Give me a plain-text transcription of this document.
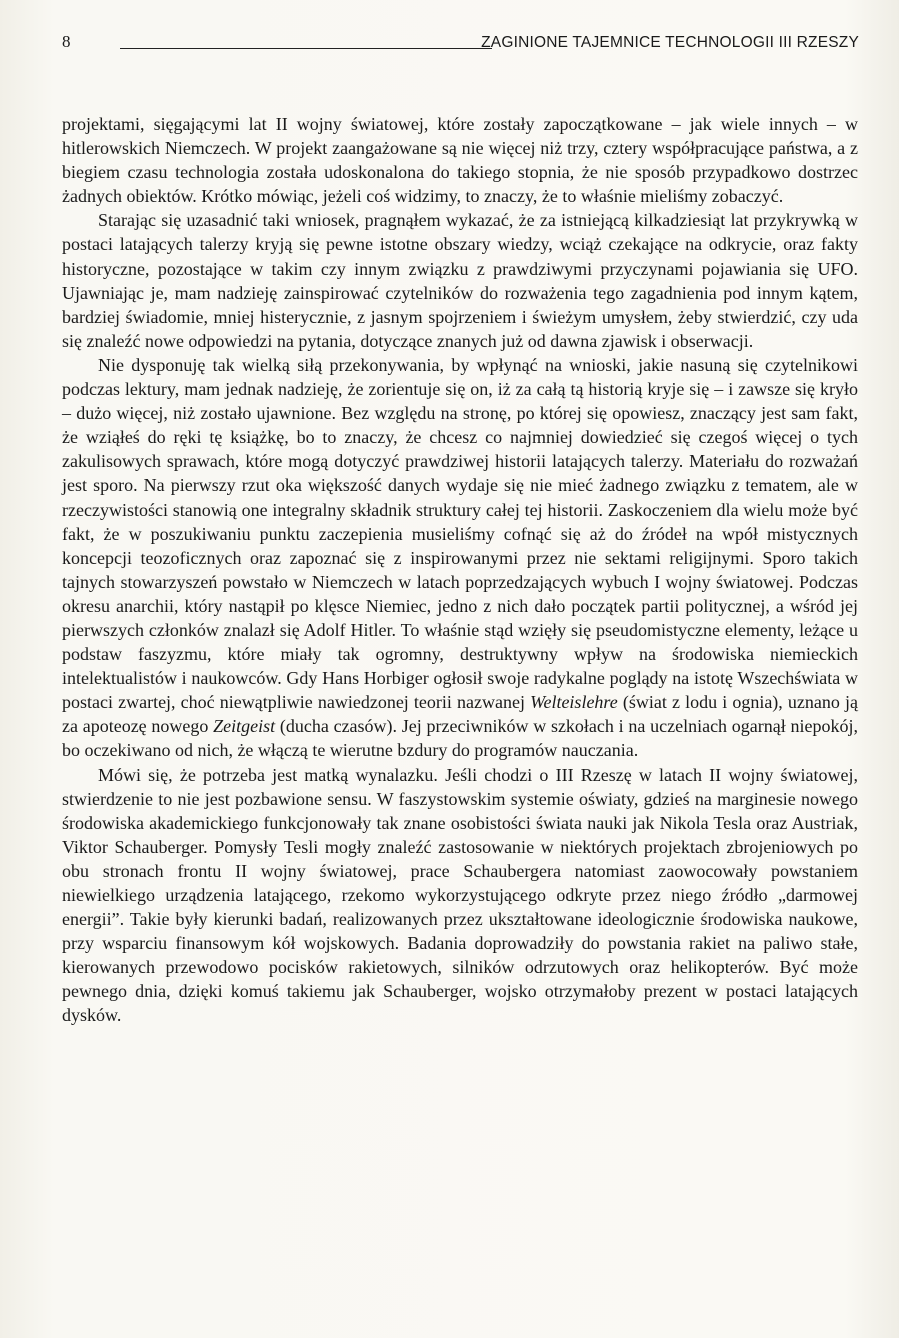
8	ZAGINIONE TAJEMNICE TECHNOLOGII III RZESZY

projektami, sięgającymi lat II wojny światowej, które zostały zapoczątkowane – jak wiele innych – w hitlerowskich Niemczech. W projekt zaangażowane są nie więcej niż trzy, cztery współpracujące państwa, a z biegiem czasu technologia została udoskonalona do takiego stopnia, że nie sposób przypadkowo dostrzec żadnych obiektów. Krótko mówiąc, jeżeli coś widzimy, to znaczy, że to właśnie mieliśmy zobaczyć.

Starając się uzasadnić taki wniosek, pragnąłem wykazać, że za istniejącą kilkadziesiąt lat przykrywką w postaci latających talerzy kryją się pewne istotne obszary wiedzy, wciąż czekające na odkrycie, oraz fakty historyczne, pozostające w takim czy innym związku z prawdziwymi przyczynami pojawiania się UFO. Ujawniając je, mam nadzieję zainspirować czytelników do rozważenia tego zagadnienia pod innym kątem, bardziej świadomie, mniej histerycznie, z jasnym spojrzeniem i świeżym umysłem, żeby stwierdzić, czy uda się znaleźć nowe odpowiedzi na pytania, dotyczące znanych już od dawna zjawisk i obserwacji.

Nie dysponuję tak wielką siłą przekonywania, by wpłynąć na wnioski, jakie nasuną się czytelnikowi podczas lektury, mam jednak nadzieję, że zorientuje się on, iż za całą tą historią kryje się – i zawsze się kryło – dużo więcej, niż zostało ujawnione. Bez względu na stronę, po której się opowiesz, znaczący jest sam fakt, że wziąłeś do ręki tę książkę, bo to znaczy, że chcesz co najmniej dowiedzieć się czegoś więcej o tych zakulisowych sprawach, które mogą dotyczyć prawdziwej historii latających talerzy. Materiału do rozważań jest sporo. Na pierwszy rzut oka większość danych wydaje się nie mieć żadnego związku z tematem, ale w rzeczywistości stanowią one integralny składnik struktury całej tej historii. Zaskoczeniem dla wielu może być fakt, że w poszukiwaniu punktu zaczepienia musieliśmy cofnąć się aż do źródeł na wpół mistycznych koncepcji teozoficznych oraz zapoznać się z inspirowanymi przez nie sektami religijnymi. Sporo takich tajnych stowarzyszeń powstało w Niemczech w latach poprzedzających wybuch I wojny światowej. Podczas okresu anarchii, który nastąpił po klęsce Niemiec, jedno z nich dało początek partii politycznej, a wśród jej pierwszych członków znalazł się Adolf Hitler. To właśnie stąd wzięły się pseudomistyczne elementy, leżące u podstaw faszyzmu, które miały tak ogromny, destruktywny wpływ na środowiska niemieckich intelektualistów i naukowców. Gdy Hans Horbiger ogłosił swoje radykalne poglądy na istotę Wszechświata w postaci zwartej, choć niewątpliwie nawiedzonej teorii nazwanej Welteislehre (świat z lodu i ognia), uznano ją za apoteozę nowego Zeitgeist (ducha czasów). Jej przeciwników w szkołach i na uczelniach ogarnął niepokój, bo oczekiwano od nich, że włączą te wierutne bzdury do programów nauczania.

Mówi się, że potrzeba jest matką wynalazku. Jeśli chodzi o III Rzeszę w latach II wojny światowej, stwierdzenie to nie jest pozbawione sensu. W faszystowskim systemie oświaty, gdzieś na marginesie nowego środowiska akademickiego funkcjonowały tak znane osobistości świata nauki jak Nikola Tesla oraz Austriak, Viktor Schauberger. Pomysły Tesli mogły znaleźć zastosowanie w niektórych projektach zbrojeniowych po obu stronach frontu II wojny światowej, prace Schaubergera natomiast zaowocowały powstaniem niewielkiego urządzenia latającego, rzekomo wykorzystującego odkryte przez niego źródło „darmowej energii”. Takie były kierunki badań, realizowanych przez ukształtowane ideologicznie środowiska naukowe, przy wsparciu finansowym kół wojskowych. Badania doprowadziły do powstania rakiet na paliwo stałe, kierowanych przewodowo pocisków rakietowych, silników odrzutowych oraz helikopterów. Być może pewnego dnia, dzięki komuś takiemu jak Schauberger, wojsko otrzymałoby prezent w postaci latających dysków.
